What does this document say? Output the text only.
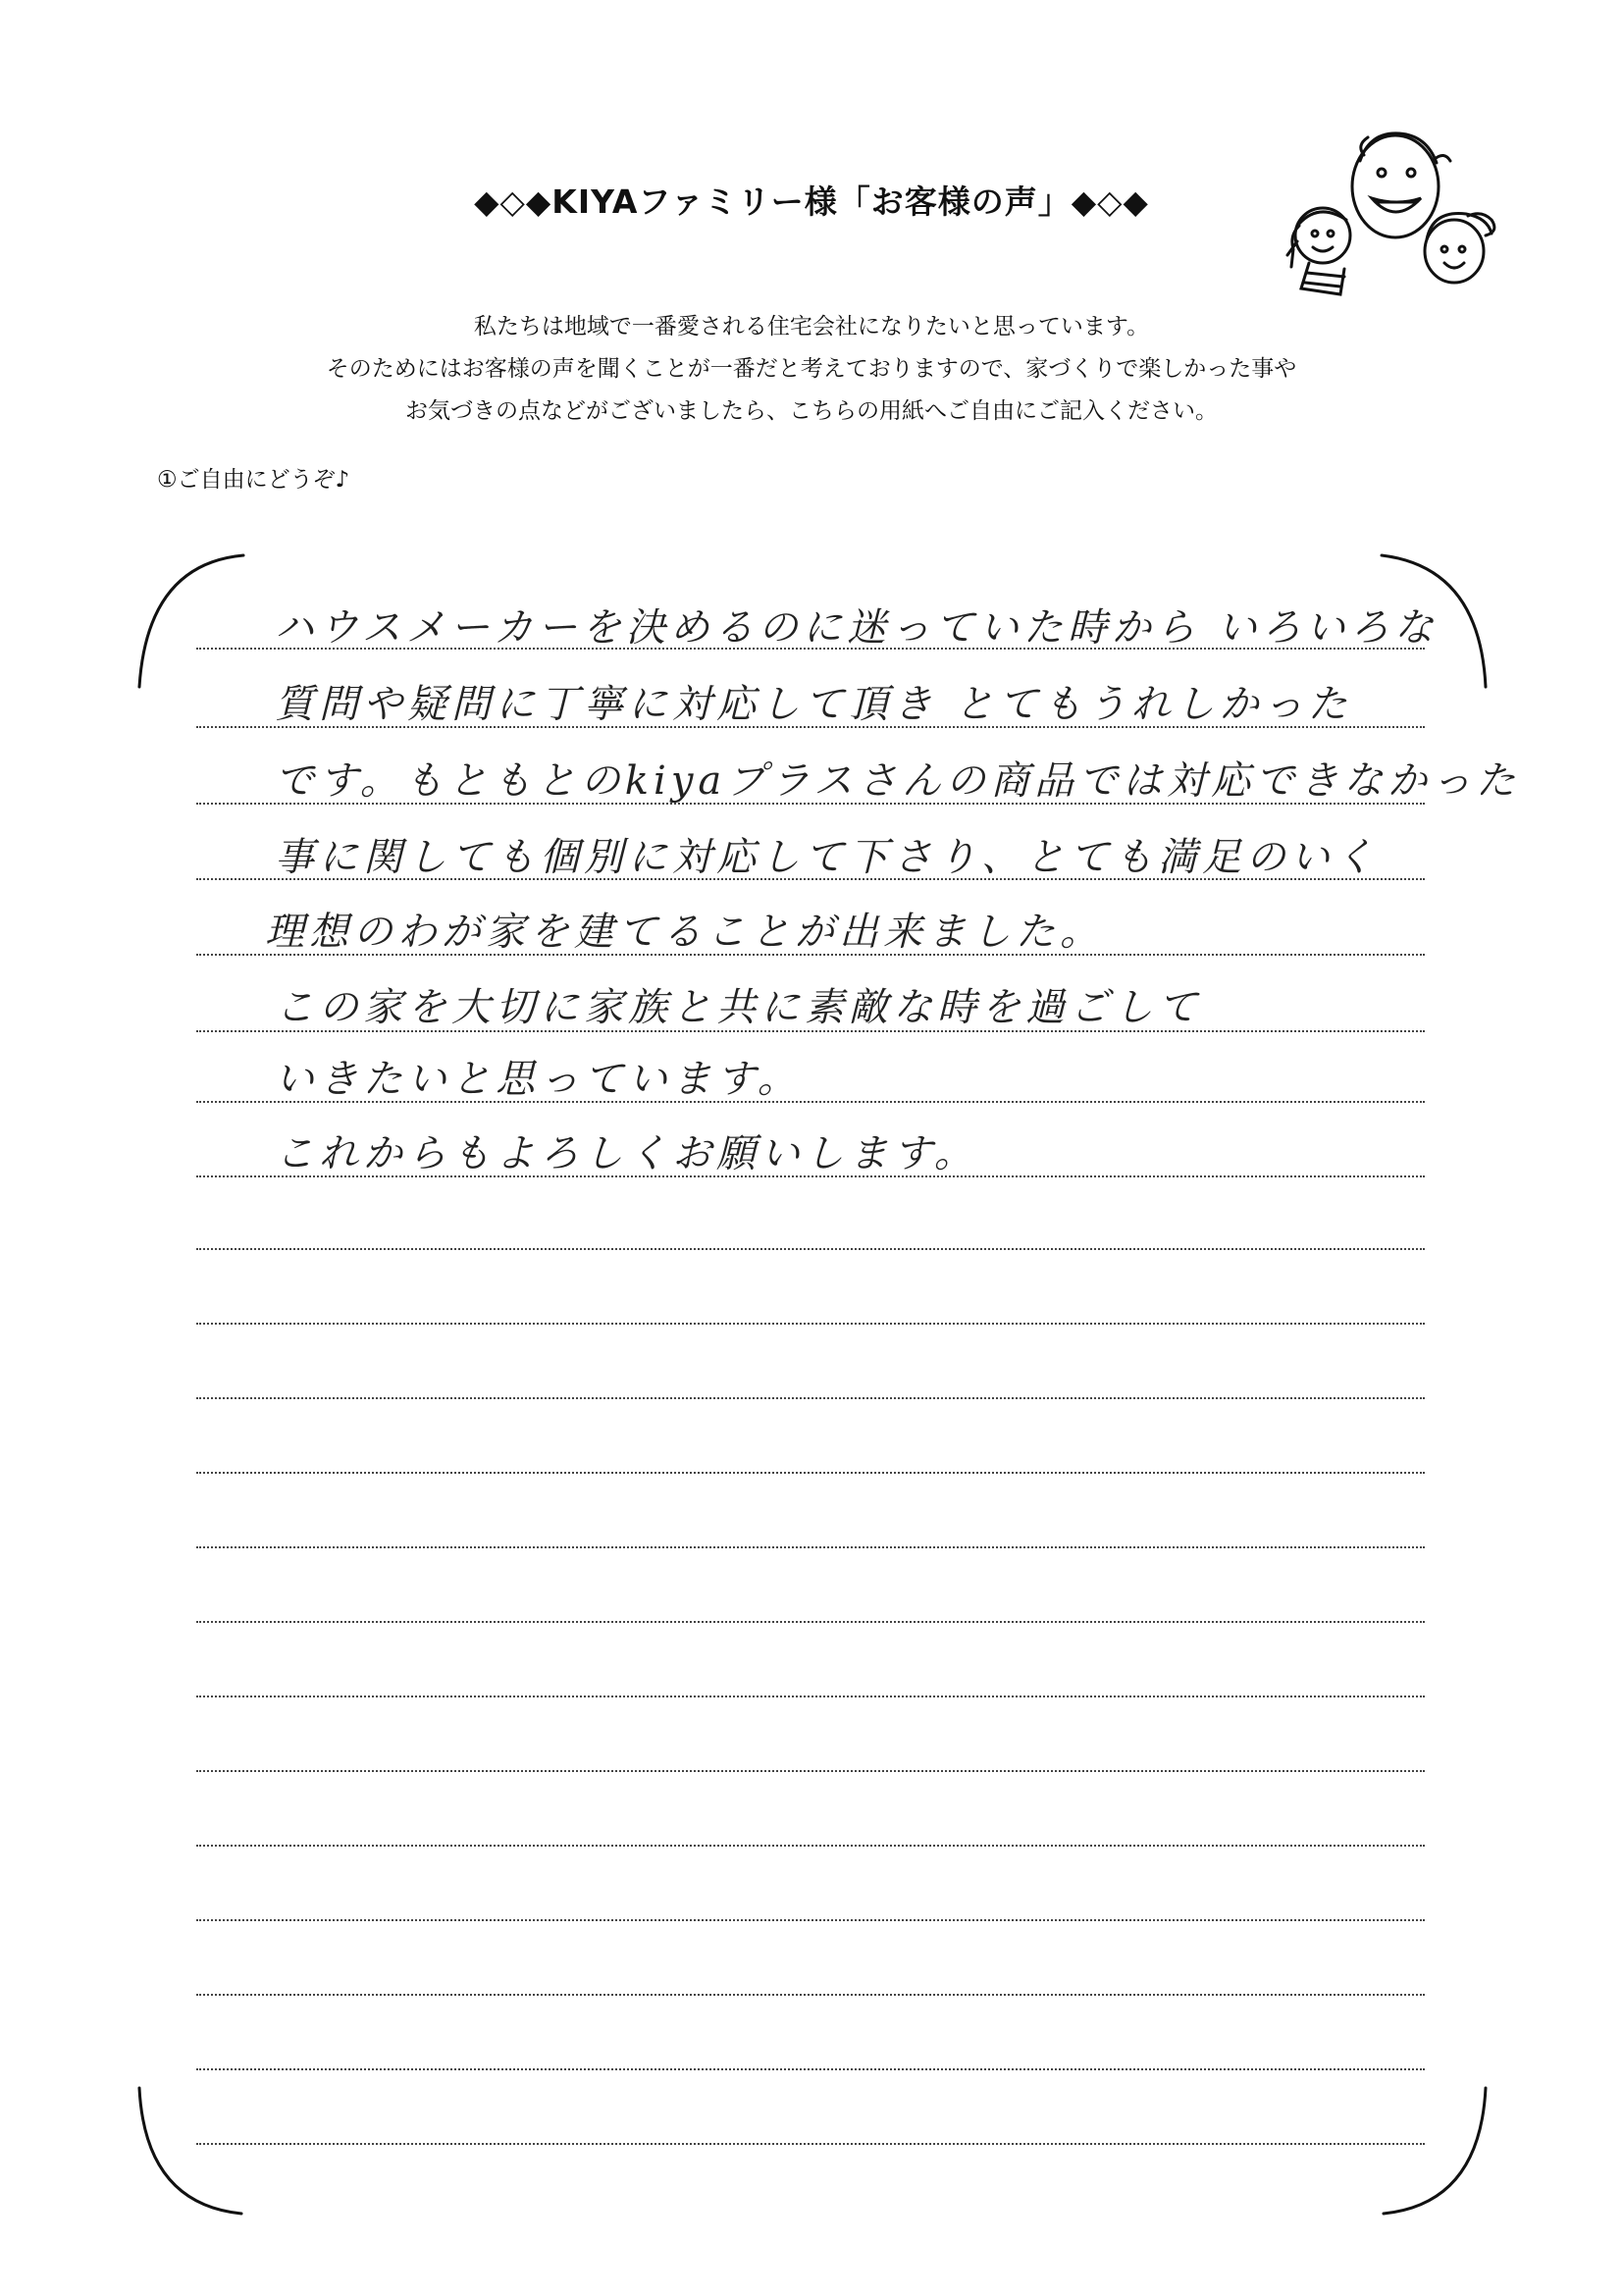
◆◇◆KIYAファミリー様「お客様の声」◆◇◆
私たちは地域で一番愛される住宅会社になりたいと思っています。
そのためにはお客様の声を聞くことが一番だと考えておりますので、家づくりで楽しかった事や
お気づきの点などがございましたら、こちらの用紙へご自由にご記入ください。
①ご自由にどうぞ♪
ハウスメーカーを決めるのに迷っていた時から いろいろな
質問や疑問に丁寧に対応して頂き とてもうれしかった
です。もともとのkiyaプラスさんの商品では対応できなかった
事に関しても個別に対応して下さり、とても満足のいく
理想のわが家を建てることが出来ました。
この家を大切に家族と共に素敵な時を過ごして
いきたいと思っています。
これからもよろしくお願いします。
